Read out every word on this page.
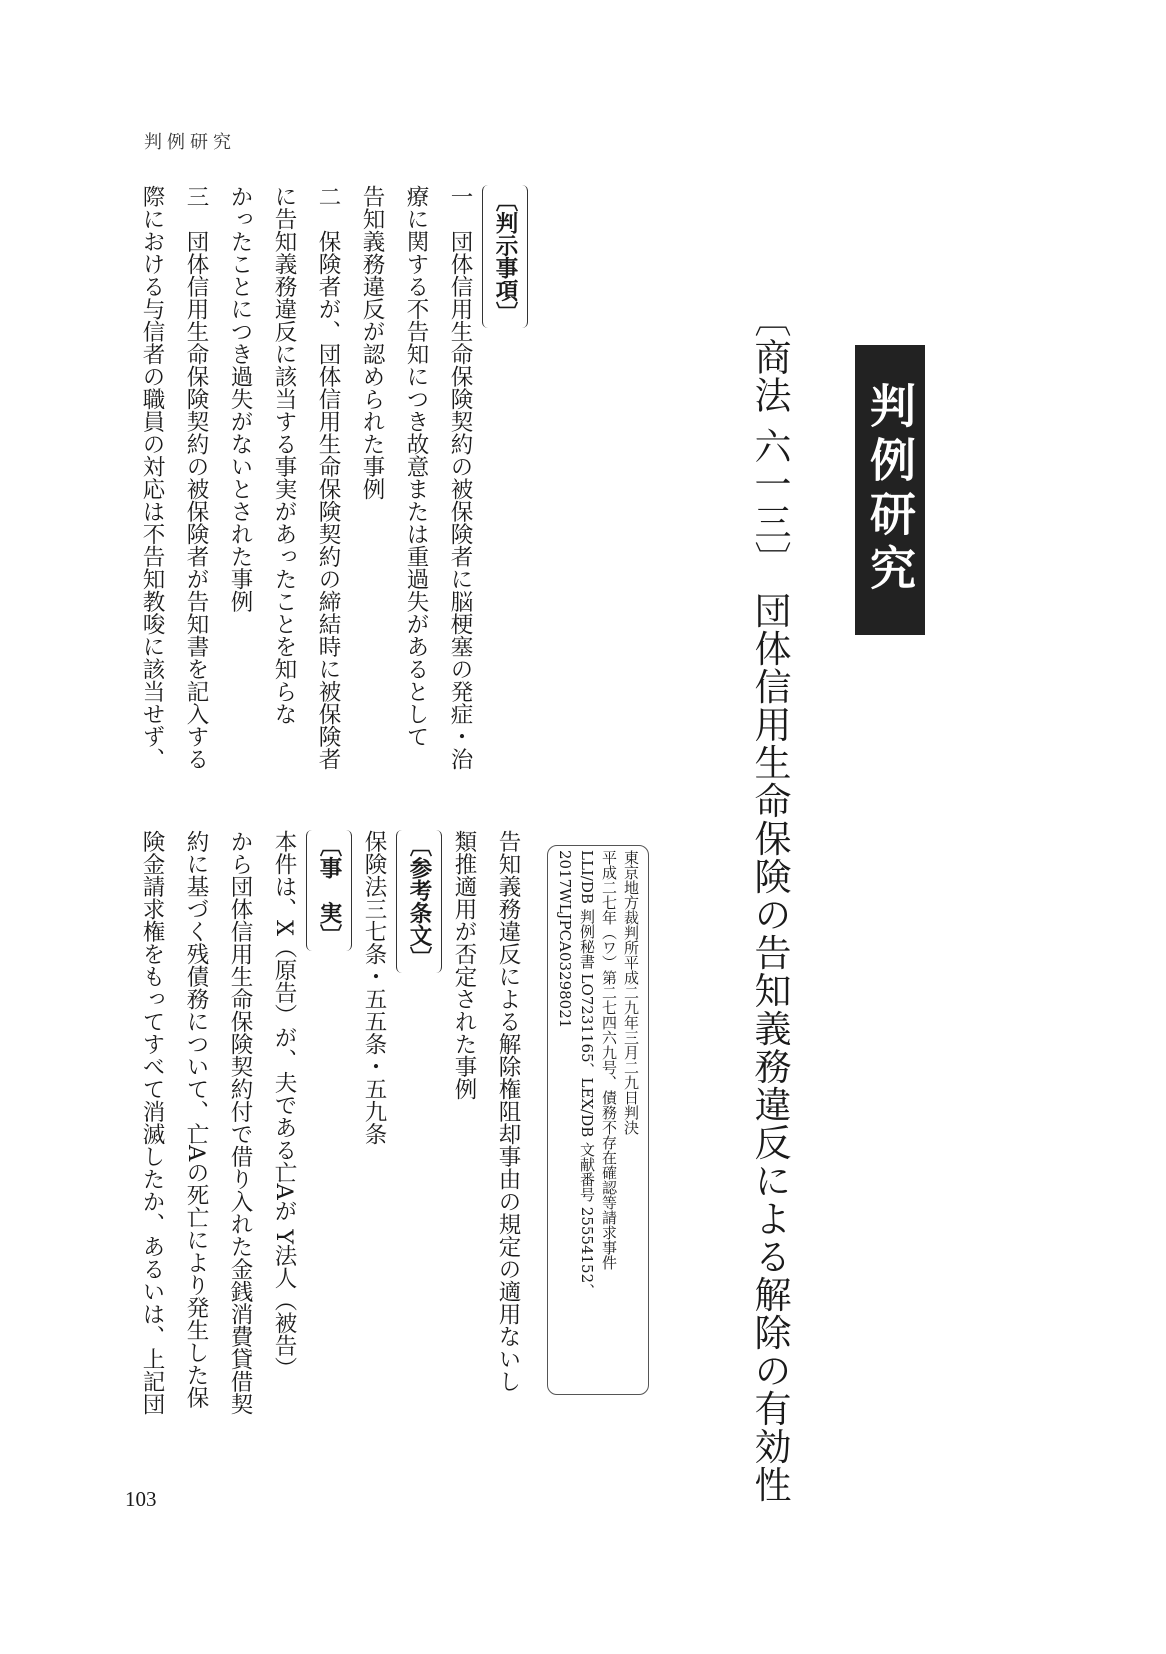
判例研究
判例研究
〔商法 六一三〕 団体信用生命保険の告知義務違反による解除の有効性

東京地方裁判所平成二九年三月二九日判決

平成二七年（ワ）第二七四六九号、債務不存在確認等請求事件

LLI/DB 判例秘書 LO7231165、LEX/DB 文献番号 25554152、

2017WLJPCA03298021

〔判示事項〕

一　団体信用生命保険契約の被保険者に脳梗塞の発症・治

療に関する不告知につき故意または重過失があるとして

告知義務違反が認められた事例

二　保険者が、団体信用生命保険契約の締結時に被保険者

に告知義務違反に該当する事実があったことを知らな

かったことにつき過失がないとされた事例

三　団体信用生命保険契約の被保険者が告知書を記入する

際における与信者の職員の対応は不告知教唆に該当せず、

告知義務違反による解除権阻却事由の規定の適用ないし

類推適用が否定された事例

〔参考条文〕

保険法三七条・五五条・五九条

〔事　実〕

本件は、X（原告）が、夫である亡Aが Y法人（被告）

から団体信用生命保険契約付で借り入れた金銭消費貸借契

約に基づく残債務について、亡Aの死亡により発生した保

険金請求権をもってすべて消滅したか、あるいは、上記団

103
